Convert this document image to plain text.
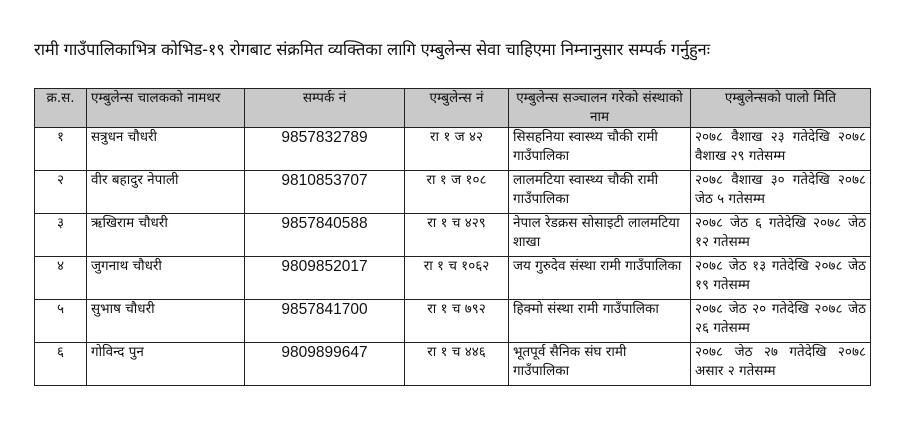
रामी गाउँपालिकाभित्र कोभिड-१९ रोगबाट संक्रमित व्यक्तिका लागि एम्बुलेन्स सेवा चाहिएमा निम्नानुसार सम्पर्क गर्नुहुनः
क्र.स.	एम्बुलेन्स चालकको नामथर	सम्पर्क नं	एम्बुलेन्स नं	एम्बुलेन्स सञ्चालन गरेको संस्थाको नाम	एम्बुलेन्सको पालो मिति
१	सत्रुधन चौधरी	9857832789	रा १ ज ४२	सिसहनिया स्वास्थ्य चौकी रामी गाउँपालिका	२०७८ वैशाख २३ गतेदेखि २०७८ वैशाख २९ गतेसम्म
२	वीर बहादुर नेपाली	9810853707	रा १ ज १०८	लालमटिया स्वास्थ्य चौकी रामी गाउँपालिका	२०७८ वैशाख ३० गतेदेखि २०७८ जेठ ५ गतेसम्म
३	ऋखिराम चौधरी	9857840588	रा १ च ४२९	नेपाल रेडक्रस सोसाइटी लालमटिया शाखा	२०७८ जेठ ६ गतेदेखि २०७८ जेठ १२ गतेसम्म
४	जुगनाथ चौधरी	9809852017	रा १ च १०६२	जय गुरुदेव संस्था रामी गाउँपालिका	२०७८ जेठ १३ गतेदेखि २०७८ जेठ १९ गतेसम्म
५	सुभाष चौधरी	9857841700	रा १ च ७९२	हिक्मो संस्था रामी गाउँपालिका	२०७८ जेठ २० गतेदेखि २०७८ जेठ २६ गतेसम्म
६	गोविन्द पुन	9809899647	रा १ च ४४६	भूतपूर्व सैनिक संघ रामी गाउँपालिका	२०७८ जेठ २७ गतेदेखि २०७८ असार २ गतेसम्म
